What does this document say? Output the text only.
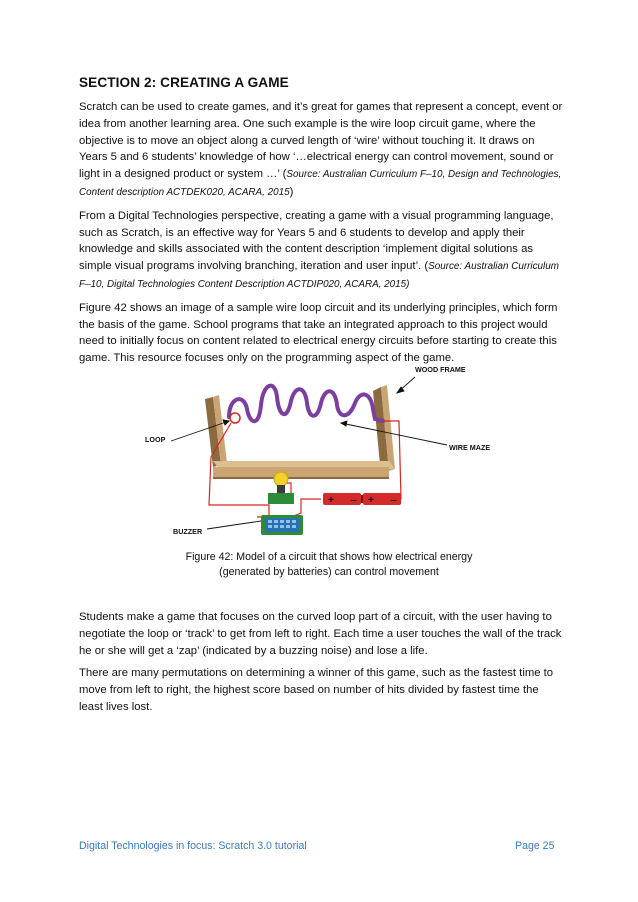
SECTION 2: CREATING A GAME

Scratch can be used to create games, and it’s great for games that represent a concept, event or idea from another learning area. One such example is the wire loop circuit game, where the objective is to move an object along a curved length of ‘wire’ without touching it. It draws on Years 5 and 6 students’ knowledge of how ‘…electrical energy can control movement, sound or light in a designed product or system …’ (Source: Australian Curriculum F–10, Design and Technologies, Content description ACTDEK020, ACARA, 2015)

From a Digital Technologies perspective, creating a game with a visual programming language, such as Scratch, is an effective way for Years 5 and 6 students to develop and apply their knowledge and skills associated with the content description ‘implement digital solutions as simple visual programs involving branching, iteration and user input’. (Source: Australian Curriculum F–10, Digital Technologies Content Description ACTDIP020, ACARA, 2015)

Figure 42 shows an image of a sample wire loop circuit and its underlying principles, which form the basis of the game. School programs that take an integrated approach to this project would need to initially focus on content related to electrical energy circuits before starting to create this game. This resource focuses only on the programming aspect of the game.

+ – + –
WOOD FRAME
LOOP
WIRE MAZE
BUZZER
Figure 42: Model of a circuit that shows how electrical energy
(generated by batteries) can control movement

Students make a game that focuses on the curved loop part of a circuit, with the user having to negotiate the loop or ‘track’ to get from left to right. Each time a user touches the wall of the track he or she will get a ‘zap’ (indicated by a buzzing noise) and lose a life.

There are many permutations on determining a winner of this game, such as the fastest time to move from left to right, the highest score based on number of hits divided by fastest time the least lives lost.

Digital Technologies in focus: Scratch 3.0 tutorial	Page 25
